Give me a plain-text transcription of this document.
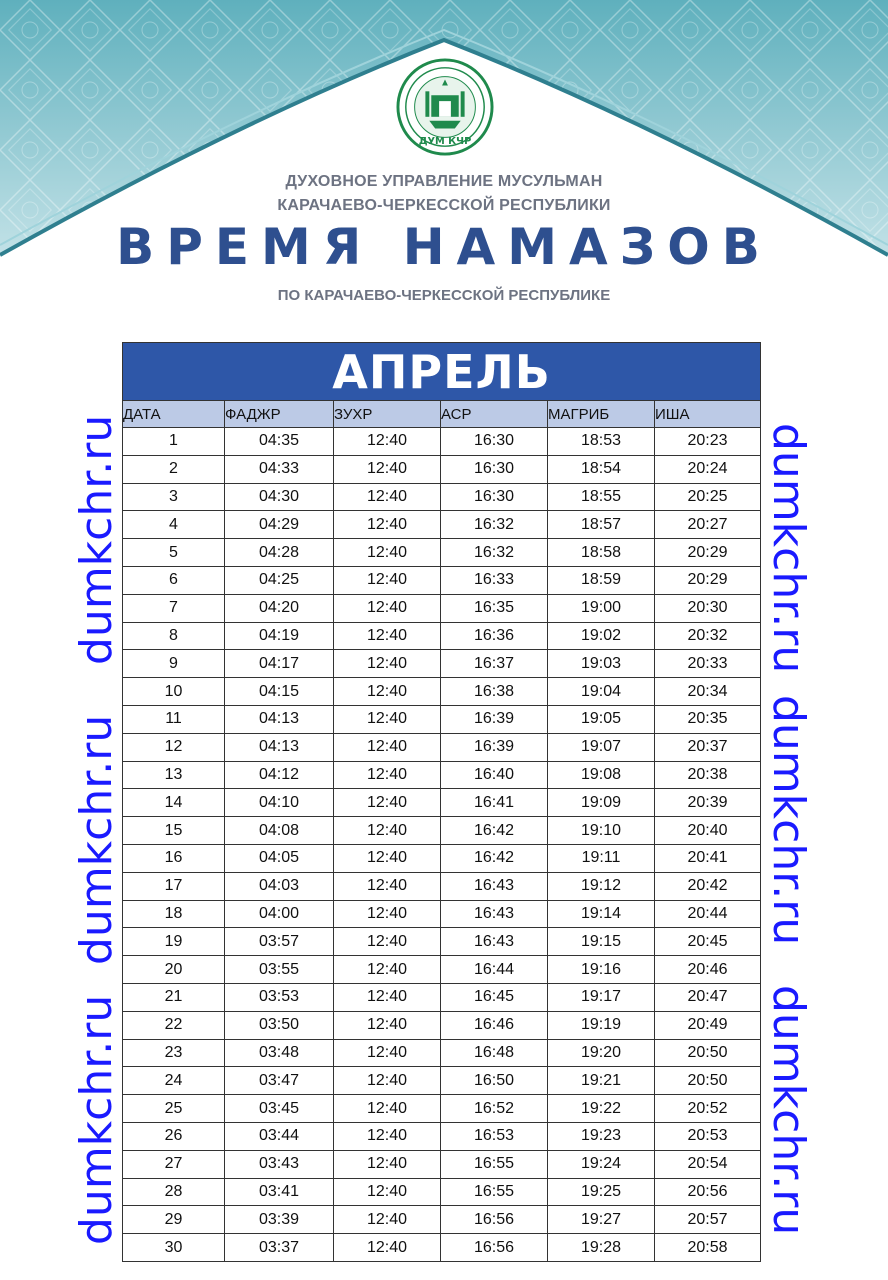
ДУМ КЧР
ДУХОВНОЕ УПРАВЛЕНИЕ МУСУЛЬМАН
КАРАЧАЕВО-ЧЕРКЕССКОЙ РЕСПУБЛИКИ
ВРЕМЯ НАМАЗОВ
ПО КАРАЧАЕВО-ЧЕРКЕССКОЙ РЕСПУБЛИКЕ
dumkchr.ru
dumkchr.ru
dumkchr.ru
dumkchr.ru
dumkchr.ru
dumkchr.ru
АПРЕЛЬ					
ДАТА	ФАДЖР	ЗУХР	АСР	МАГРИБ	ИША
1	04:35	12:40	16:30	18:53	20:23
2	04:33	12:40	16:30	18:54	20:24
3	04:30	12:40	16:30	18:55	20:25
4	04:29	12:40	16:32	18:57	20:27
5	04:28	12:40	16:32	18:58	20:29
6	04:25	12:40	16:33	18:59	20:29
7	04:20	12:40	16:35	19:00	20:30
8	04:19	12:40	16:36	19:02	20:32
9	04:17	12:40	16:37	19:03	20:33
10	04:15	12:40	16:38	19:04	20:34
11	04:13	12:40	16:39	19:05	20:35
12	04:13	12:40	16:39	19:07	20:37
13	04:12	12:40	16:40	19:08	20:38
14	04:10	12:40	16:41	19:09	20:39
15	04:08	12:40	16:42	19:10	20:40
16	04:05	12:40	16:42	19:11	20:41
17	04:03	12:40	16:43	19:12	20:42
18	04:00	12:40	16:43	19:14	20:44
19	03:57	12:40	16:43	19:15	20:45
20	03:55	12:40	16:44	19:16	20:46
21	03:53	12:40	16:45	19:17	20:47
22	03:50	12:40	16:46	19:19	20:49
23	03:48	12:40	16:48	19:20	20:50
24	03:47	12:40	16:50	19:21	20:50
25	03:45	12:40	16:52	19:22	20:52
26	03:44	12:40	16:53	19:23	20:53
27	03:43	12:40	16:55	19:24	20:54
28	03:41	12:40	16:55	19:25	20:56
29	03:39	12:40	16:56	19:27	20:57
30	03:37	12:40	16:56	19:28	20:58
